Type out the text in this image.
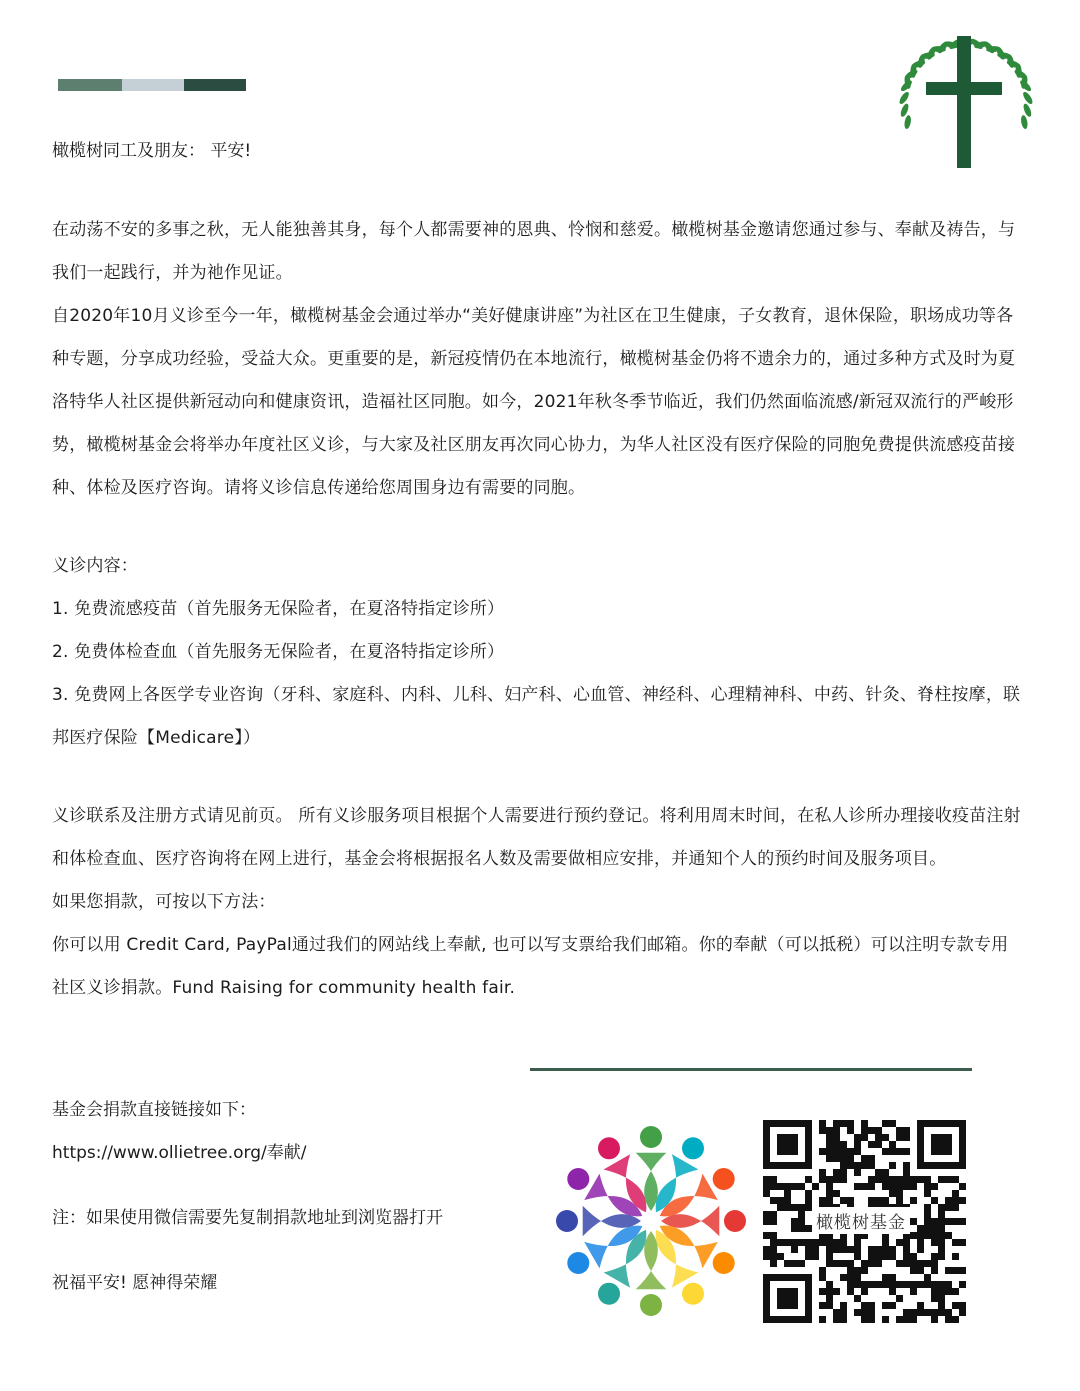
橄榄树同工及朋友： 平安!

在动荡不安的多事之秋，无人能独善其身，每个人都需要神的恩典、怜悯和慈爱。橄榄树基金邀请您通过参与、奉献及祷告，与我们一起践行，并为祂作见证。

自2020年10月义诊至今一年，橄榄树基金会通过举办“美好健康讲座”为社区在卫生健康，子女教育，退休保险，职场成功等各种专题，分享成功经验，受益大众。更重要的是，新冠疫情仍在本地流行，橄榄树基金仍将不遗余力的，通过多种方式及时为夏洛特华人社区提供新冠动向和健康资讯，造福社区同胞。如今，2021年秋冬季节临近，我们仍然面临流感/新冠双流行的严峻形势，橄榄树基金会将举办年度社区义诊，与大家及社区朋友再次同心协力，为华人社区没有医疗保险的同胞免费提供流感疫苗接种、体检及医疗咨询。请将义诊信息传递给您周围身边有需要的同胞。

义诊内容：

1. 免费流感疫苗（首先服务无保险者，在夏洛特指定诊所）

2. 免费体检查血（首先服务无保险者，在夏洛特指定诊所）

3. 免费网上各医学专业咨询（牙科、家庭科、内科、儿科、妇产科、心血管、神经科、心理精神科、中药、针灸、脊柱按摩，联邦医疗保险【Medicare】）

义诊联系及注册方式请见前页。 所有义诊服务项目根据个人需要进行预约登记。将利用周末时间，在私人诊所办理接收疫苗注射和体检查血、医疗咨询将在网上进行，基金会将根据报名人数及需要做相应安排，并通知个人的预约时间及服务项目。

如果您捐款，可按以下方法：

你可以用 Credit Card, PayPal通过我们的网站线上奉献, 也可以写支票给我们邮箱。你的奉献（可以抵税）可以注明专款专用社区义诊捐款。Fund Raising for community health fair.

基金会捐款直接链接如下：

https://www.ollietree.org/奉献/

注：如果使用微信需要先复制捐款地址到浏览器打开

祝福平安! 愿神得荣耀

橄榄树基金
